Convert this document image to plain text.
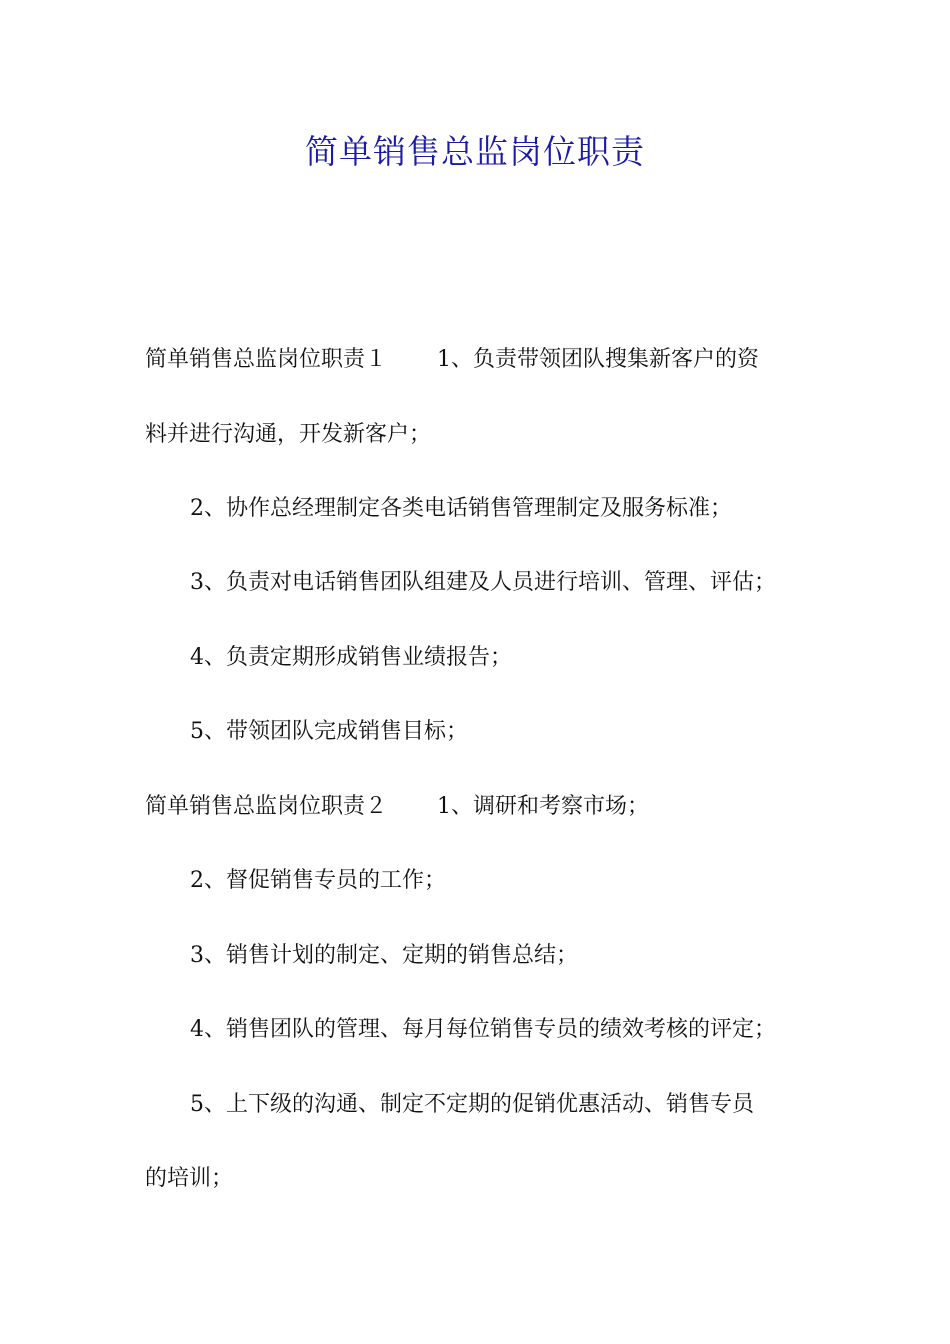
简单销售总监岗位职责

简单销售总监岗位职责１ 1、负责带领团队搜集新客户的资

料并进行沟通，开发新客户；

2、协作总经理制定各类电话销售管理制定及服务标准；

3、负责对电话销售团队组建及人员进行培训、管理、评估；

4、负责定期形成销售业绩报告；

5、带领团队完成销售目标；

简单销售总监岗位职责２ 1、调研和考察市场；

2、督促销售专员的工作；

3、销售计划的制定、定期的销售总结；

4、销售团队的管理、每月每位销售专员的绩效考核的评定；

5、上下级的沟通、制定不定期的促销优惠活动、销售专员

的培训；
